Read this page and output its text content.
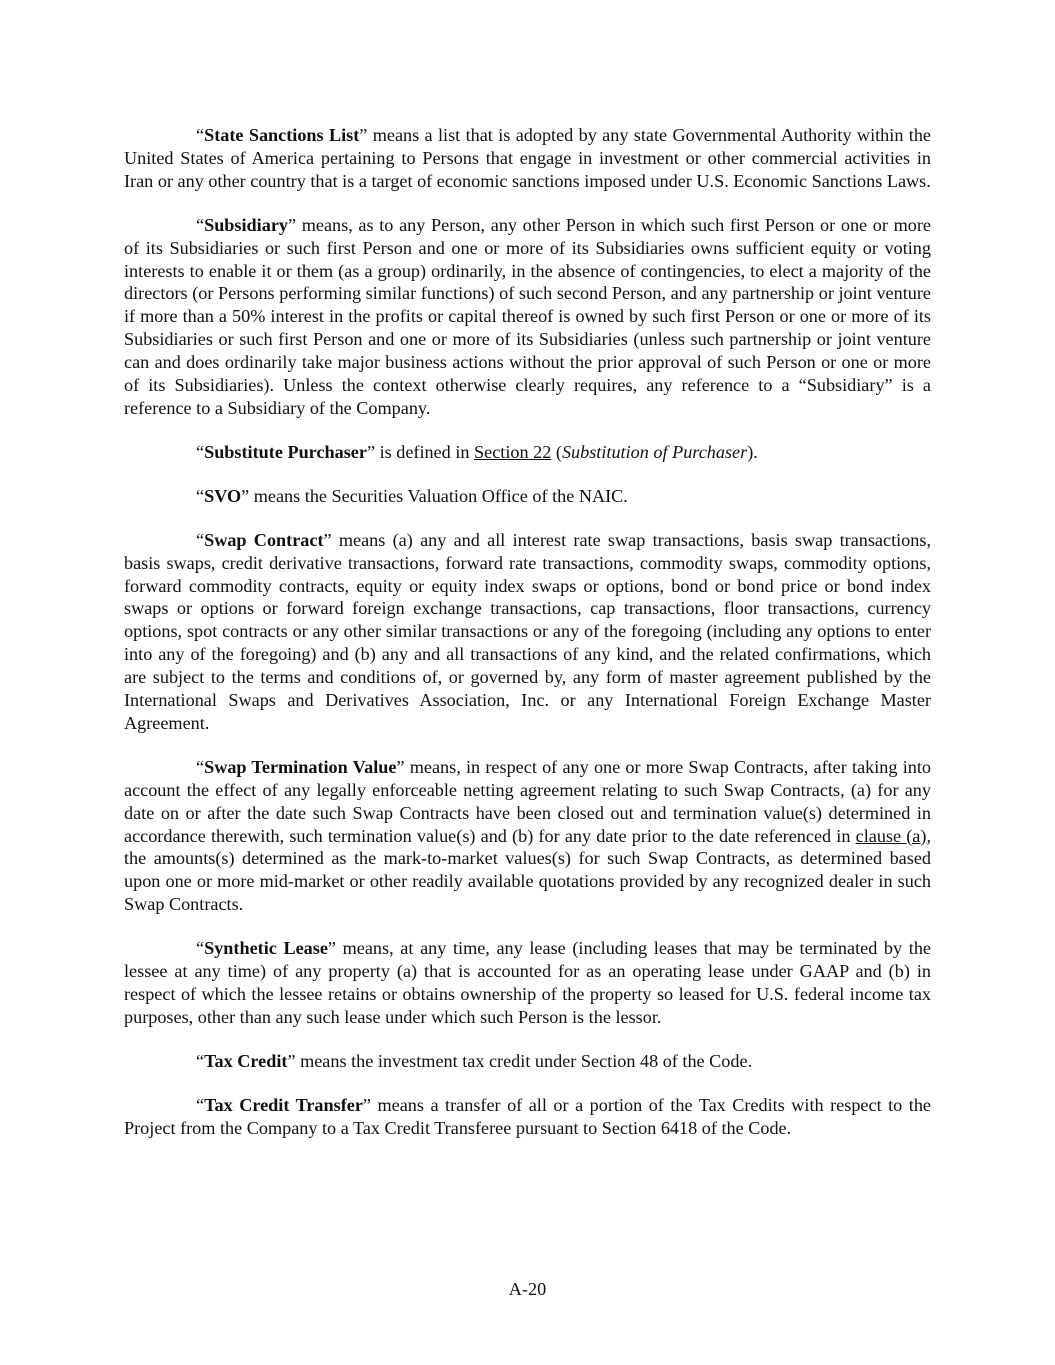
“State Sanctions List” means a list that is adopted by any state Governmental Authority within the United States of America pertaining to Persons that engage in investment or other commercial activities in Iran or any other country that is a target of economic sanctions imposed under U.S. Economic Sanctions Laws.

“Subsidiary” means, as to any Person, any other Person in which such first Person or one or more of its Subsidiaries or such first Person and one or more of its Subsidiaries owns sufficient equity or voting interests to enable it or them (as a group) ordinarily, in the absence of contingencies, to elect a majority of the directors (or Persons performing similar functions) of such second Person, and any partnership or joint venture if more than a 50% interest in the profits or capital thereof is owned by such first Person or one or more of its Subsidiaries or such first Person and one or more of its Subsidiaries (unless such partnership or joint venture can and does ordinarily take major business actions without the prior approval of such Person or one or more of its Subsidiaries). Unless the context otherwise clearly requires, any reference to a “Subsidiary” is a reference to a Subsidiary of the Company.

“Substitute Purchaser” is defined in Section 22 (Substitution of Purchaser).

“SVO” means the Securities Valuation Office of the NAIC.

“Swap Contract” means (a) any and all interest rate swap transactions, basis swap transactions, basis swaps, credit derivative transactions, forward rate transactions, commodity swaps, commodity options, forward commodity contracts, equity or equity index swaps or options, bond or bond price or bond index swaps or options or forward foreign exchange transactions, cap transactions, floor transactions, currency options, spot contracts or any other similar transactions or any of the foregoing (including any options to enter into any of the foregoing) and (b) any and all transactions of any kind, and the related confirmations, which are subject to the terms and conditions of, or governed by, any form of master agreement published by the International Swaps and Derivatives Association, Inc. or any International Foreign Exchange Master Agreement.

“Swap Termination Value” means, in respect of any one or more Swap Contracts, after taking into account the effect of any legally enforceable netting agreement relating to such Swap Contracts, (a) for any date on or after the date such Swap Contracts have been closed out and termination value(s) determined in accordance therewith, such termination value(s) and (b) for any date prior to the date referenced in clause (a), the amounts(s) determined as the mark-to-market values(s) for such Swap Contracts, as determined based upon one or more mid-market or other readily available quotations provided by any recognized dealer in such Swap Contracts.

“Synthetic Lease” means, at any time, any lease (including leases that may be terminated by the lessee at any time) of any property (a) that is accounted for as an operating lease under GAAP and (b) in respect of which the lessee retains or obtains ownership of the property so leased for U.S. federal income tax purposes, other than any such lease under which such Person is the lessor.

“Tax Credit” means the investment tax credit under Section 48 of the Code.

“Tax Credit Transfer” means a transfer of all or a portion of the Tax Credits with respect to the Project from the Company to a Tax Credit Transferee pursuant to Section 6418 of the Code.

A-20
